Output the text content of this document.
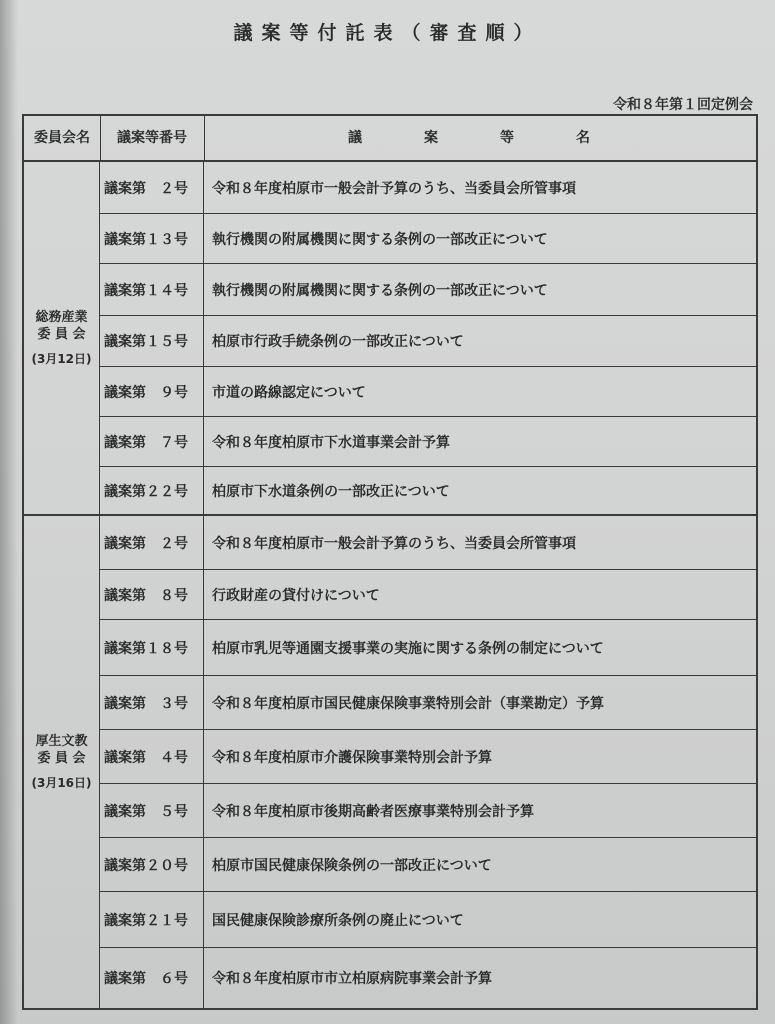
議案等付託表（審査順）
令和８年第１回定例会
委員会名	議案等番号	議　案　等　名
総務産業
委 員 会
(3月12日)
議案第　２号	令和８年度柏原市一般会計予算のうち、当委員会所管事項
議案第１３号	執行機関の附属機関に関する条例の一部改正について
議案第１４号	執行機関の附属機関に関する条例の一部改正について
議案第１５号	柏原市行政手続条例の一部改正について
議案第　９号	市道の路線認定について
議案第　７号	令和８年度柏原市下水道事業会計予算
議案第２２号	柏原市下水道条例の一部改正について
厚生文教
委 員 会
(3月16日)
議案第　２号	令和８年度柏原市一般会計予算のうち、当委員会所管事項
議案第　８号	行政財産の貸付けについて
議案第１８号	柏原市乳児等通園支援事業の実施に関する条例の制定について
議案第　３号	令和８年度柏原市国民健康保険事業特別会計（事業勘定）予算
議案第　４号	令和８年度柏原市介護保険事業特別会計予算
議案第　５号	令和８年度柏原市後期高齢者医療事業特別会計予算
議案第２０号	柏原市国民健康保険条例の一部改正について
議案第２１号	国民健康保険診療所条例の廃止について
議案第　６号	令和８年度柏原市市立柏原病院事業会計予算
